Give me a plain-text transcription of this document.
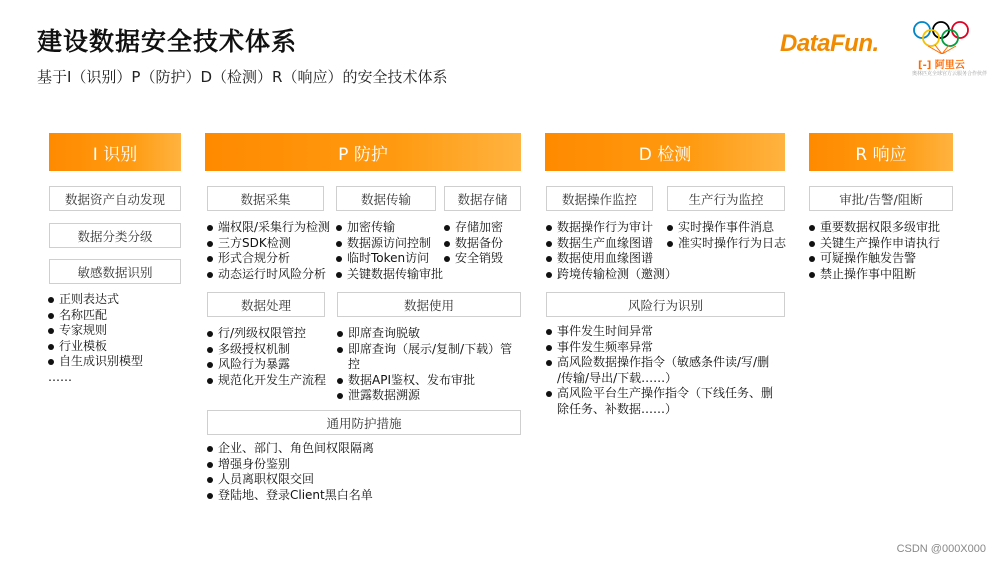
建设数据安全技术体系
基于I（识别）P（防护）D（检测）R（响应）的安全技术体系
DataFun.
[-] 阿里云
奥林匹克全球官方云服务合作伙伴
I 识别
数据资产自动发现
数据分类分级
敏感数据识别
正则表达式
名称匹配
专家规则
行业模板
自生成识别模型
……
P 防护
数据采集	数据传输	数据存储
端权限/采集行为检测
三方SDK检测
形式合规分析
动态运行时风险分析
加密传输
数据源访问控制
临时Token访问
关键数据传输审批
存储加密
数据备份
安全销毁
数据处理	数据使用
行/列级权限管控
多级授权机制
风险行为暴露
规范化开发生产流程
即席查询脱敏
即席查询（展示/复制/下载）管
控
数据API鉴权、发布审批
泄露数据溯源
通用防护措施
企业、部门、角色间权限隔离
增强身份鉴别
人员离职权限交回
登陆地、登录Client黑白名单
D 检测
数据操作监控	生产行为监控
数据操作行为审计
数据生产血缘图谱
数据使用血缘图谱
跨境传输检测（邀测）
实时操作事件消息
准实时操作行为日志
风险行为识别
事件发生时间异常
事件发生频率异常
高风险数据操作指令（敏感条件读/写/删
/传输/导出/下载……）
高风险平台生产操作指令（下线任务、删
除任务、补数据……）
R 响应
审批/告警/阻断
重要数据权限多级审批
关键生产操作申请执行
可疑操作触发告警
禁止操作事中阻断
CSDN @000X000
